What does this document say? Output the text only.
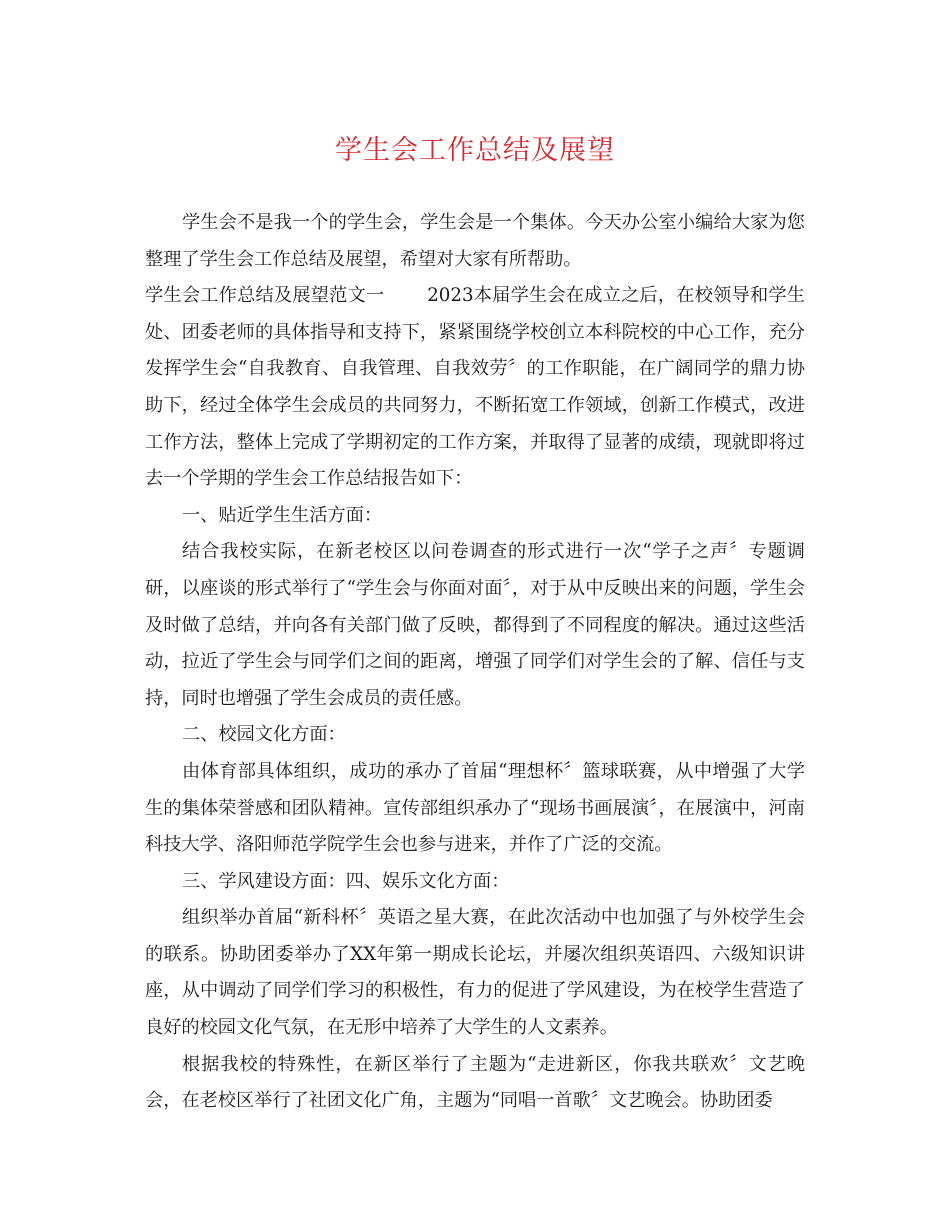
学生会工作总结及展望

学生会不是我一个的学生会，学生会是一个集体。今天办公室小编给大家为您整理了学生会工作总结及展望，希望对大家有所帮助。

学生会工作总结及展望范文一　　 2023本届学生会在成立之后，在校领导和学生处、团委老师的具体指导和支持下，紧紧围绕学校创立本科院校的中心工作，充分发挥学生会“自我教育、自我管理、自我效劳〞的工作职能，在广阔同学的鼎力协助下，经过全体学生会成员的共同努力，不断拓宽工作领域，创新工作模式，改进工作方法，整体上完成了学期初定的工作方案，并取得了显著的成绩，现就即将过去一个学期的学生会工作总结报告如下：

一、贴近学生生活方面：

结合我校实际，在新老校区以问卷调查的形式进行一次“学子之声〞专题调研，以座谈的形式举行了“学生会与你面对面〞，对于从中反映出来的问题，学生会及时做了总结，并向各有关部门做了反映，都得到了不同程度的解决。通过这些活动，拉近了学生会与同学们之间的距离，增强了同学们对学生会的了解、信任与支持，同时也增强了学生会成员的责任感。

二、校园文化方面：

由体育部具体组织，成功的承办了首届“理想杯〞篮球联赛，从中增强了大学生的集体荣誉感和团队精神。宣传部组织承办了“现场书画展演〞，在展演中，河南科技大学、洛阳师范学院学生会也参与进来，并作了广泛的交流。

三、学风建设方面：四、娱乐文化方面：

组织举办首届“新科杯〞英语之星大赛，在此次活动中也加强了与外校学生会的联系。协助团委举办了XX年第一期成长论坛，并屡次组织英语四、六级知识讲座，从中调动了同学们学习的积极性，有力的促进了学风建设，为在校学生营造了良好的校园文化气氛，在无形中培养了大学生的人文素养。

根据我校的特殊性，在新区举行了主题为“走进新区，你我共联欢〞文艺晚会，在老校区举行了社团文化广角，主题为“同唱一首歌〞文艺晚会。协助团委
